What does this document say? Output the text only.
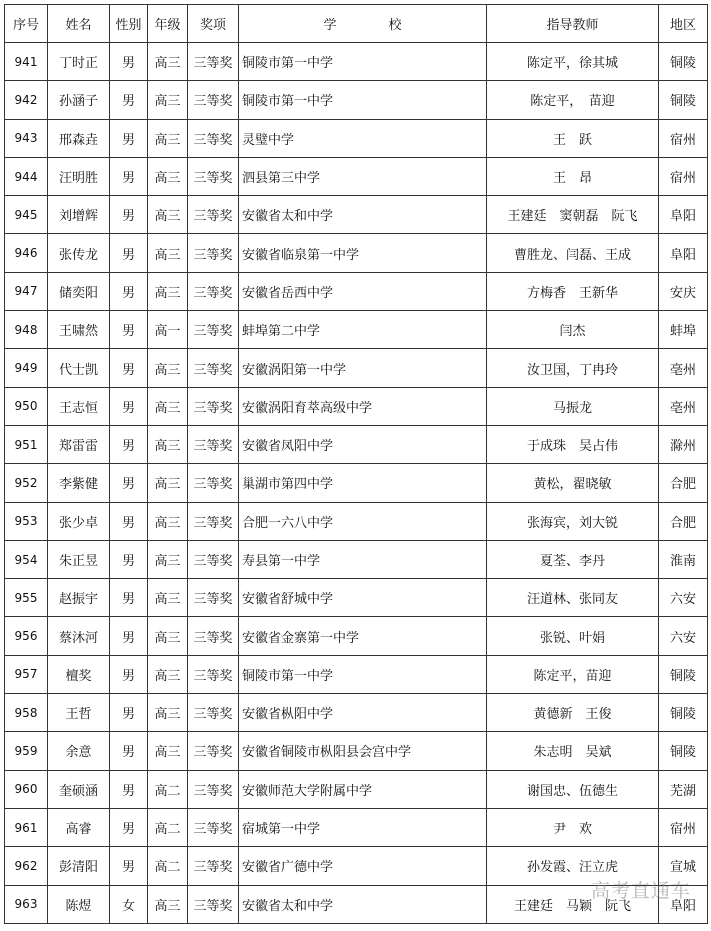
序号	姓名	性别	年级	奖项	学　　　　校	指导教师	地区
941	丁时正	男	高三	三等奖	铜陵市第一中学	陈定平，徐其城	铜陵
942	孙涵子	男	高三	三等奖	铜陵市第一中学	陈定平，　苗迎	铜陵
943	邢森垚	男	高三	三等奖	灵璧中学	王　跃	宿州
944	汪明胜	男	高三	三等奖	泗县第三中学	王　昂	宿州
945	刘增辉	男	高三	三等奖	安徽省太和中学	王建廷　窦朝磊　阮飞	阜阳
946	张传龙	男	高三	三等奖	安徽省临泉第一中学	曹胜龙、闫磊、王成	阜阳
947	储奕阳	男	高三	三等奖	安徽省岳西中学	方梅香　王新华	安庆
948	王啸然	男	高一	三等奖	蚌埠第二中学	闫杰	蚌埠
949	代士凯	男	高三	三等奖	安徽涡阳第一中学	汝卫国，丁冉玲	亳州
950	王志恒	男	高三	三等奖	安徽涡阳育萃高级中学	马振龙	亳州
951	郑雷雷	男	高三	三等奖	安徽省凤阳中学	于成珠　吴占伟	滁州
952	李紫健	男	高三	三等奖	巢湖市第四中学	黄松，翟晓敏	合肥
953	张少卓	男	高三	三等奖	合肥一六八中学	张海宾，刘大锐	合肥
954	朱正昱	男	高三	三等奖	寿县第一中学	夏荃、李丹	淮南
955	赵振宇	男	高三	三等奖	安徽省舒城中学	汪道林、张同友	六安
956	蔡沐河	男	高三	三等奖	安徽省金寨第一中学	张锐、叶娟	六安
957	檀奖	男	高三	三等奖	铜陵市第一中学	陈定平，苗迎	铜陵
958	王哲	男	高三	三等奖	安徽省枞阳中学	黄德新　王俊	铜陵
959	余意	男	高三	三等奖	安徽省铜陵市枞阳县会宫中学	朱志明　吴斌	铜陵
960	奎硕涵	男	高二	三等奖	安徽师范大学附属中学	谢国忠、伍德生	芜湖
961	高睿	男	高二	三等奖	宿城第一中学	尹　欢	宿州
962	彭清阳	男	高二	三等奖	安徽省广德中学	孙发霞、汪立虎	宣城
963	陈煜	女	高三	三等奖	安徽省太和中学	王建廷　马颖　阮飞	阜阳
高考直通车
